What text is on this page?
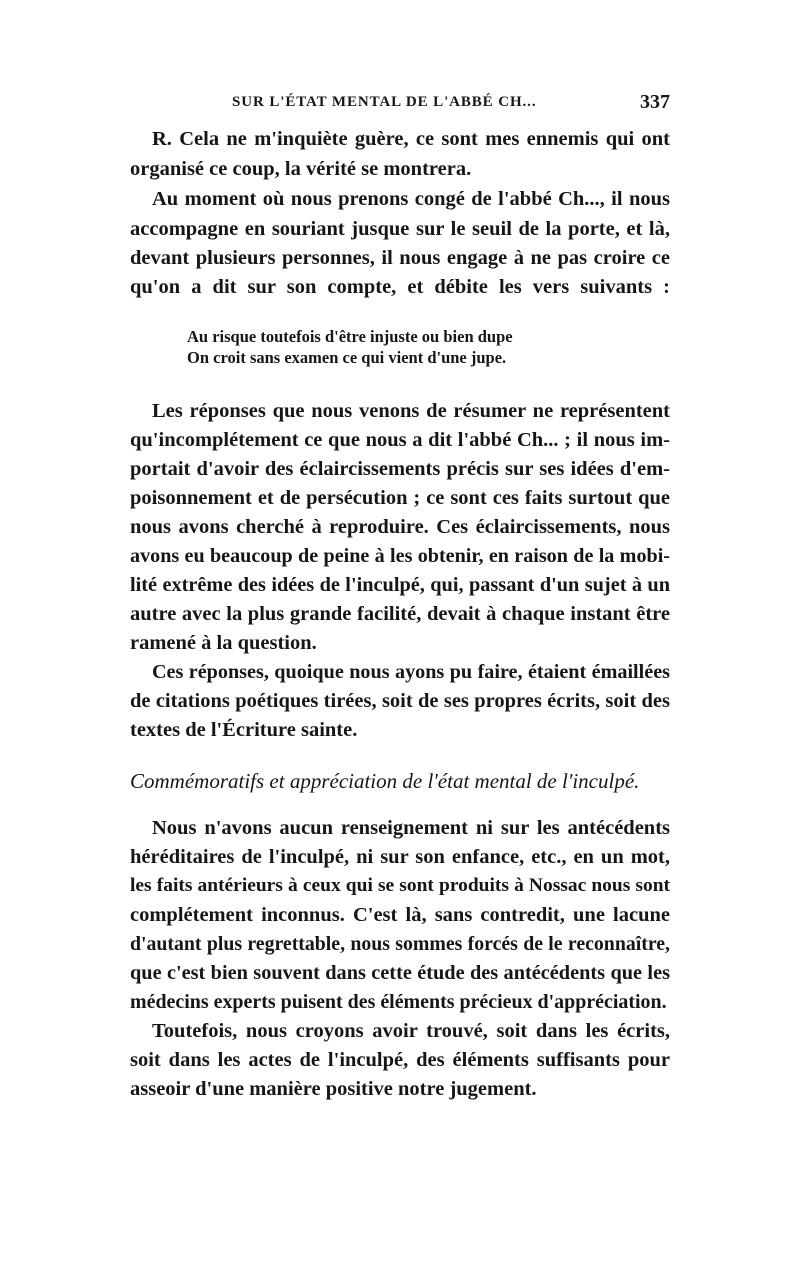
SUR L'ÉTAT MENTAL DE L'ABBÉ CH...	337
R. Cela ne m'inquiète guère, ce sont mes ennemis qui ont
organisé ce coup, la vérité se montrera.
Au moment où nous prenons congé de l'abbé Ch..., il nous
accompagne en souriant jusque sur le seuil de la porte, et là,
devant plusieurs personnes, il nous engage à ne pas croire ce
qu'on a dit sur son compte, et débite les vers suivants :
Au risque toutefois d'être injuste ou bien dupe
On croit sans examen ce qui vient d'une jupe.
Les réponses que nous venons de résumer ne représentent
qu'incomplétement ce que nous a dit l'abbé Ch... ; il nous im-
portait d'avoir des éclaircissements précis sur ses idées d'em-
poisonnement et de persécution ; ce sont ces faits surtout que
nous avons cherché à reproduire. Ces éclaircissements, nous
avons eu beaucoup de peine à les obtenir, en raison de la mobi-
lité extrême des idées de l'inculpé, qui, passant d'un sujet à un
autre avec la plus grande facilité, devait à chaque instant être
ramené à la question.
Ces réponses, quoique nous ayons pu faire, étaient émaillées
de citations poétiques tirées, soit de ses propres écrits, soit des
textes de l'Écriture sainte.
Commémoratifs et appréciation de l'état mental de l'inculpé.
Nous n'avons aucun renseignement ni sur les antécédents
héréditaires de l'inculpé, ni sur son enfance, etc., en un mot,
les faits antérieurs à ceux qui se sont produits à Nossac nous sont
complétement inconnus. C'est là, sans contredit, une lacune
d'autant plus regrettable, nous sommes forcés de le reconnaître,
que c'est bien souvent dans cette étude des antécédents que les
médecins experts puisent des éléments précieux d'appréciation.
Toutefois, nous croyons avoir trouvé, soit dans les écrits,
soit dans les actes de l'inculpé, des éléments suffisants pour
asseoir d'une manière positive notre jugement.
